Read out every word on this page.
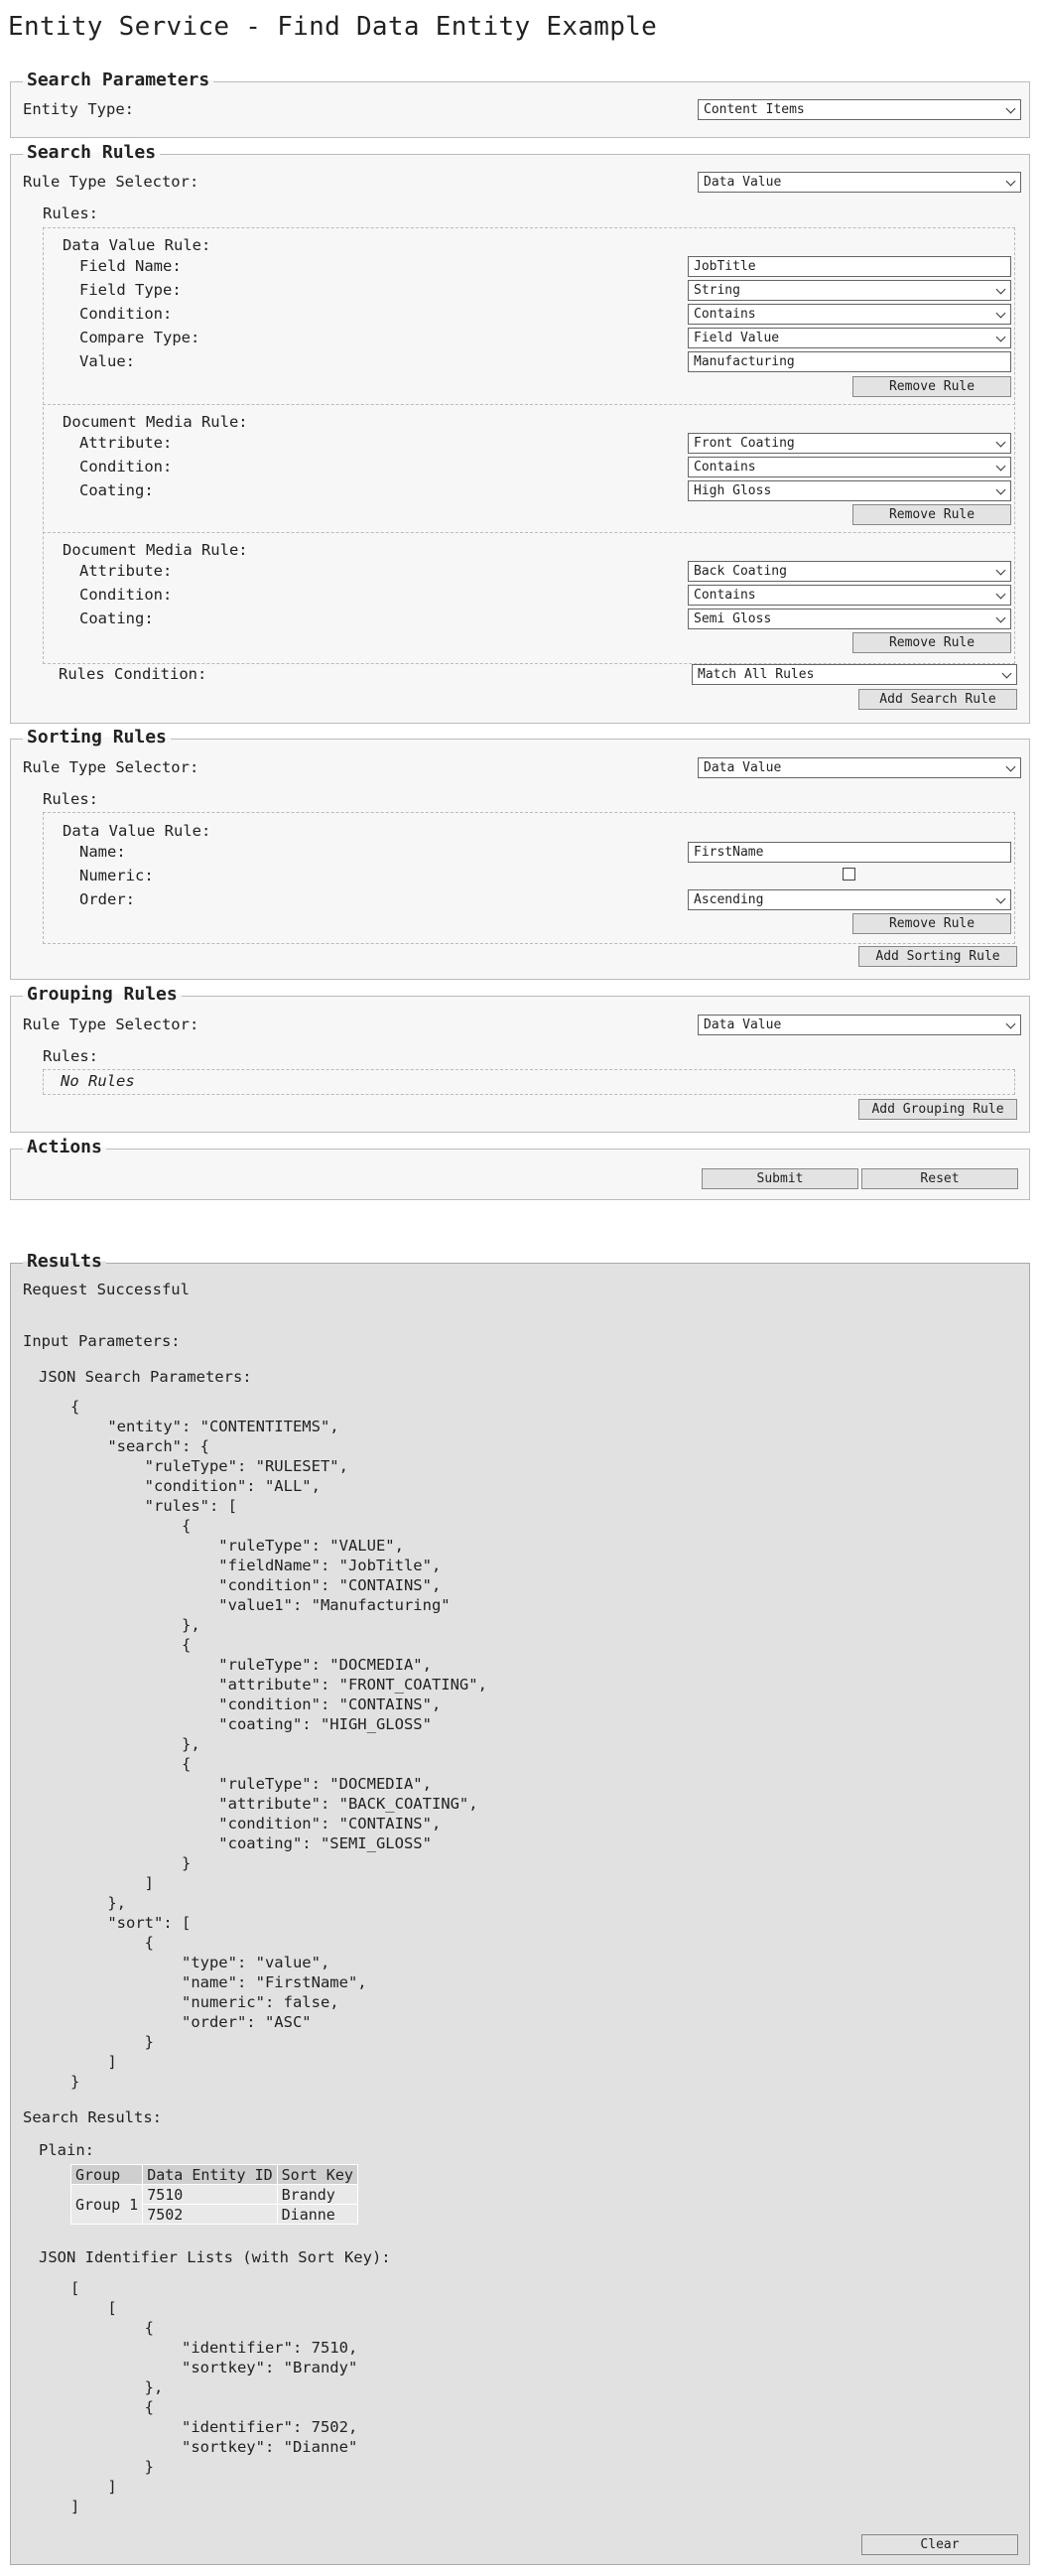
Entity Service - Find Data Entity Example
Search Parameters
Entity Type:	Content Items
Search Rules
Rule Type Selector:	Data Value
Rules:
Data Value Rule:
Field Name:	JobTitle
Field Type:	String
Condition:	Contains
Compare Type:	Field Value
Value:	Manufacturing
Remove Rule
Document Media Rule:
Attribute:	Front Coating
Condition:	Contains
Coating:	High Gloss
Remove Rule
Document Media Rule:
Attribute:	Back Coating
Condition:	Contains
Coating:	Semi Gloss
Remove Rule
Rules Condition:	Match All Rules
Add Search Rule
Sorting Rules
Rule Type Selector:	Data Value
Rules:
Data Value Rule:
Name:	FirstName
Numeric:
Order:	Ascending
Remove Rule
Add Sorting Rule
Grouping Rules
Rule Type Selector:	Data Value
Rules:
No Rules
Add Grouping Rule
Actions
Submit	Reset
Results
Request Successful
Input Parameters:
JSON Search Parameters:
{
"entity": "CONTENTITEMS",
"search": {
"ruleType": "RULESET",
"condition": "ALL",
"rules": [
{
"ruleType": "VALUE",
"fieldName": "JobTitle",
"condition": "CONTAINS",
"value1": "Manufacturing"
},
{
"ruleType": "DOCMEDIA",
"attribute": "FRONT_COATING",
"condition": "CONTAINS",
"coating": "HIGH_GLOSS"
},
{
"ruleType": "DOCMEDIA",
"attribute": "BACK_COATING",
"condition": "CONTAINS",
"coating": "SEMI_GLOSS"
}
]
},
"sort": [
{
"type": "value",
"name": "FirstName",
"numeric": false,
"order": "ASC"
}
]
}
Search Results:
Plain:
Group	Data Entity ID	Sort Key
Group 1	7510	Brandy
	7502	Dianne
JSON Identifier Lists (with Sort Key):
[
[
{
"identifier": 7510,
"sortkey": "Brandy"
},
{
"identifier": 7502,
"sortkey": "Dianne"
}
]
]
Clear
